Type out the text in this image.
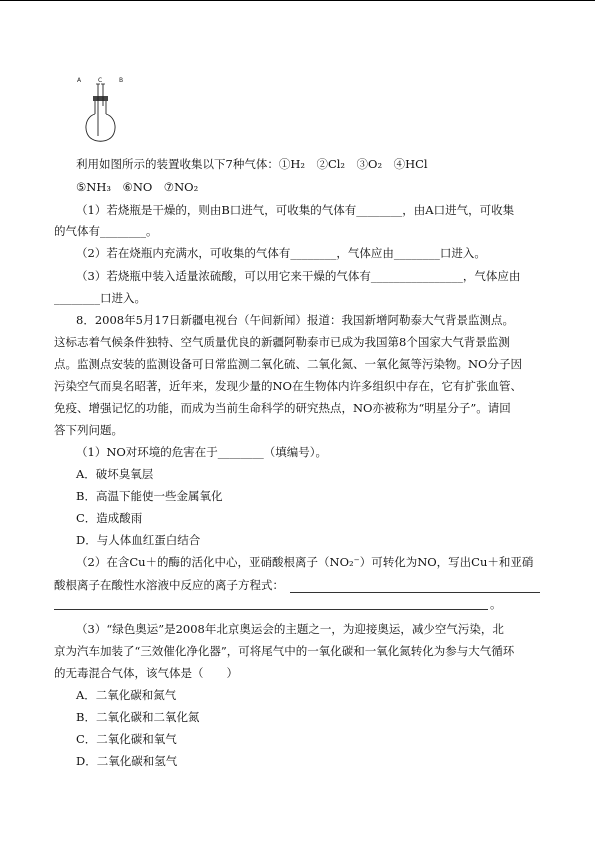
A	C	B
利用如图所示的装置收集以下7种气体：①H₂　②Cl₂　③O₂　④HCl
⑤NH₃　⑥NO　⑦NO₂
（1）若烧瓶是干燥的，则由B口进气，可收集的气体有________，由A口进气，可收集
的气体有________。
（2）若在烧瓶内充满水，可收集的气体有________，气体应由________口进入。
（3）若烧瓶中装入适量浓硫酸，可以用它来干燥的气体有________________，气体应由
________口进入。
8．2008年5月17日新疆电视台（午间新闻）报道：我国新增阿勒泰大气背景监测点。
这标志着气候条件独特、空气质量优良的新疆阿勒泰市已成为我国第8个国家大气背景监测
点。监测点安装的监测设备可日常监测二氧化硫、二氧化氮、一氧化氮等污染物。NO分子因
污染空气而臭名昭著，近年来，发现少量的NO在生物体内许多组织中存在，它有扩张血管、
免疫、增强记忆的功能，而成为当前生命科学的研究热点，NO亦被称为“明星分子”。请回
答下列问题。
（1）NO对环境的危害在于________（填编号）。
A．破坏臭氧层
B．高温下能使一些金属氧化
C．造成酸雨
D．与人体血红蛋白结合
（2）在含Cu＋的酶的活化中心，亚硝酸根离子（NO₂⁻）可转化为NO，写出Cu＋和亚硝
酸根离子在酸性水溶液中反应的离子方程式：
。
（3）“绿色奥运”是2008年北京奥运会的主题之一，为迎接奥运，减少空气污染，北
京为汽车加装了“三效催化净化器”，可将尾气中的一氧化碳和一氧化氮转化为参与大气循环
的无毒混合气体，该气体是（　　）
A．二氧化碳和氮气
B．二氧化碳和二氧化氮
C．二氧化碳和氧气
D．二氧化碳和氢气
